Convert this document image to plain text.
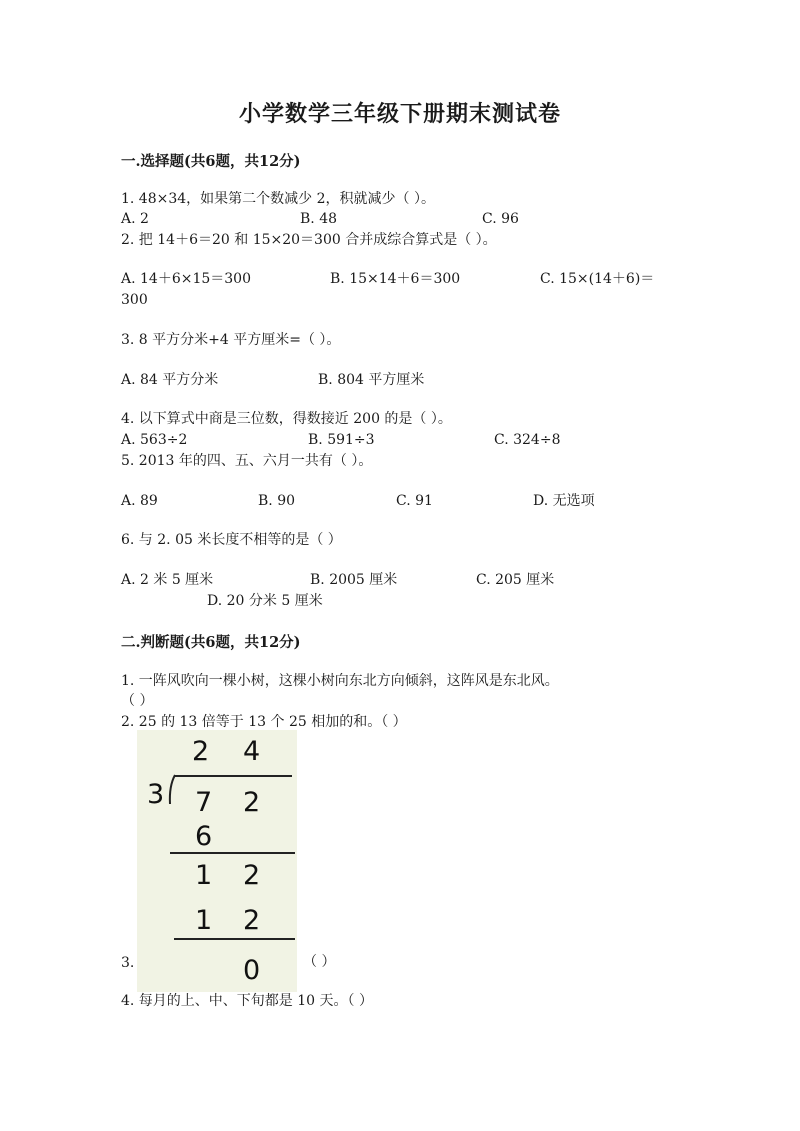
小学数学三年级下册期末测试卷
一.选择题(共6题，共12分)
1. 48×34，如果第二个数减少 2，积就减少（ ）。
A. 2	B. 48	C. 96
2. 把 14＋6＝20 和 15×20＝300 合并成综合算式是（ ）。
A. 14＋6×15＝300	B. 15×14＋6＝300	C. 15×(14＋6)＝
300
3. 8 平方分米+4 平方厘米=（ ）。
A. 84 平方分米	B. 804 平方厘米
4. 以下算式中商是三位数，得数接近 200 的是（ ）。
A. 563÷2	B. 591÷3	C. 324÷8
5. 2013 年的四、五、六月一共有（ ）。
A. 89	B. 90	C. 91	D. 无选项
6. 与 2. 05 米长度不相等的是（ ）
A. 2 米 5 厘米	B. 2005 厘米	C. 205 厘米
D. 20 分米 5 厘米
二.判断题(共6题，共12分)
1. 一阵风吹向一棵小树，这棵小树向东北方向倾斜，这阵风是东北风。
（ ）
2. 25 的 13 倍等于 13 个 25 相加的和。（ ）
2 4
3 7 2
6
1 2
1 2
0
3.	（ ）
4. 每月的上、中、下旬都是 10 天。（ ）
